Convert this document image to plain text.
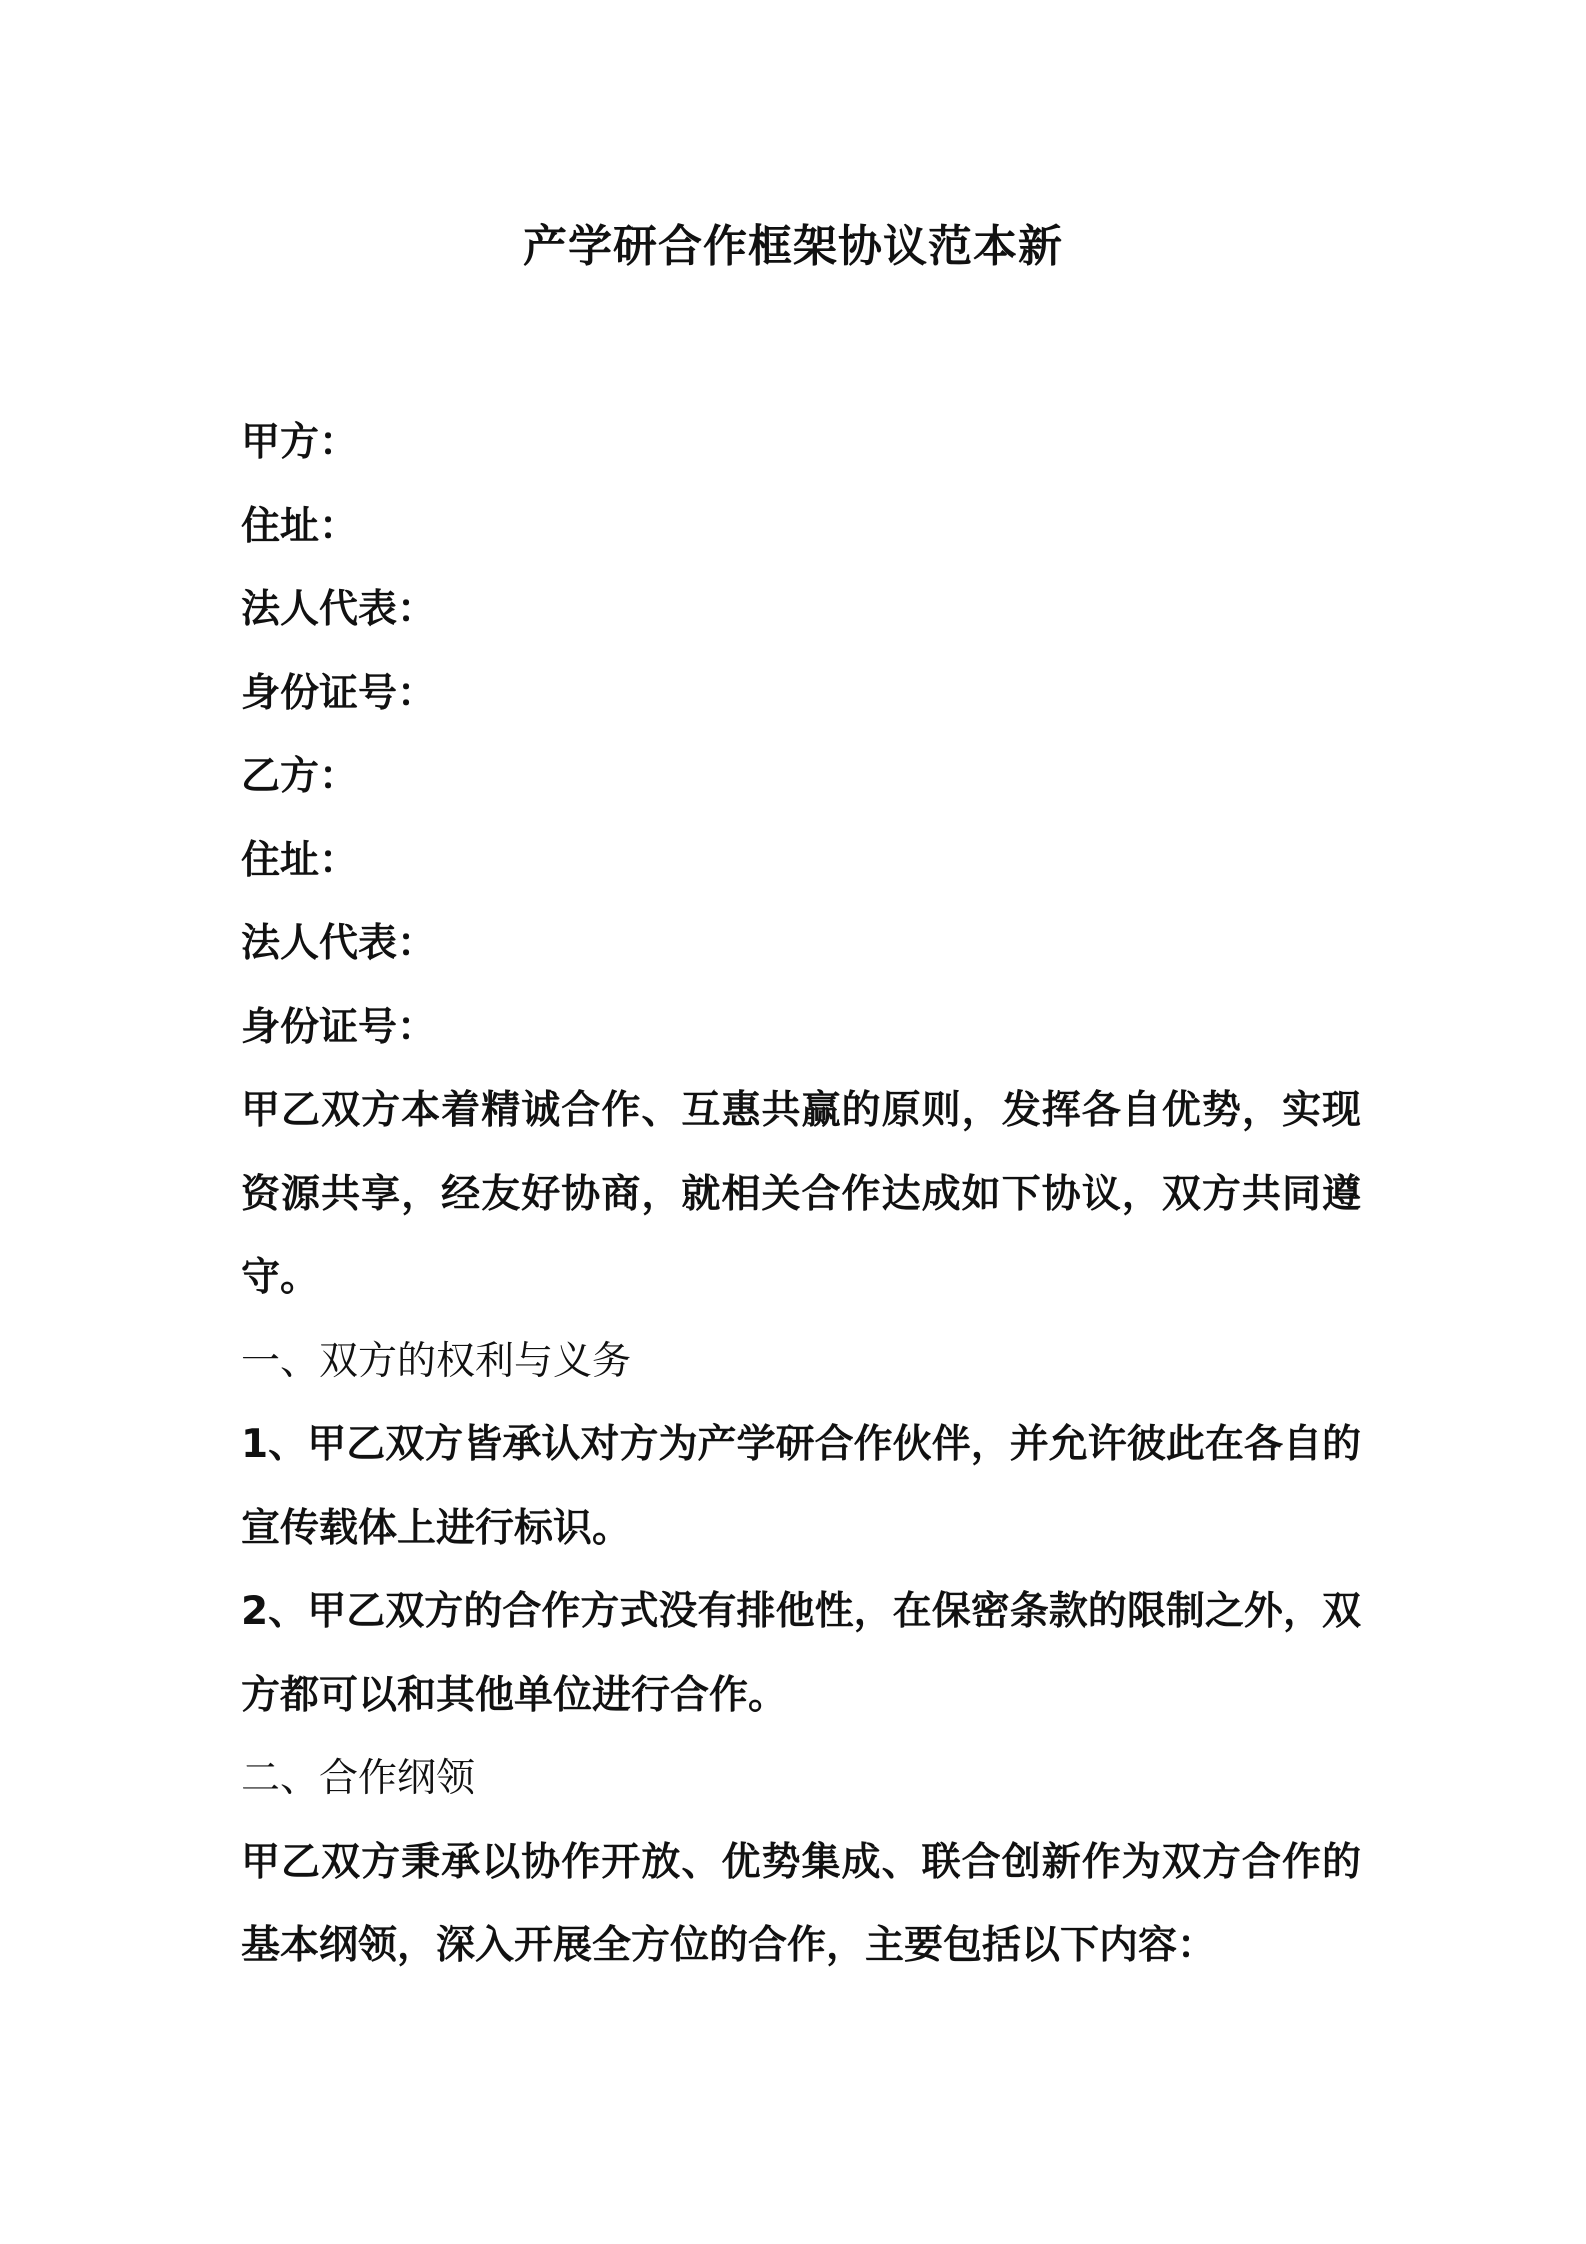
产学研合作框架协议范本新
甲方：
住址：
法人代表：
身份证号：
乙方：
住址：
法人代表：
身份证号：
甲乙双方本着精诚合作、互惠共赢的原则，发挥各自优势，实现资源共享，经友好协商，就相关合作达成如下协议，双方共同遵守。
一、双方的权利与义务
1、甲乙双方皆承认对方为产学研合作伙伴，并允许彼此在各自的宣传载体上进行标识。
2、甲乙双方的合作方式没有排他性，在保密条款的限制之外，双方都可以和其他单位进行合作。
二、合作纲领
甲乙双方秉承以协作开放、优势集成、联合创新作为双方合作的基本纲领，深入开展全方位的合作，主要包括以下内容：
